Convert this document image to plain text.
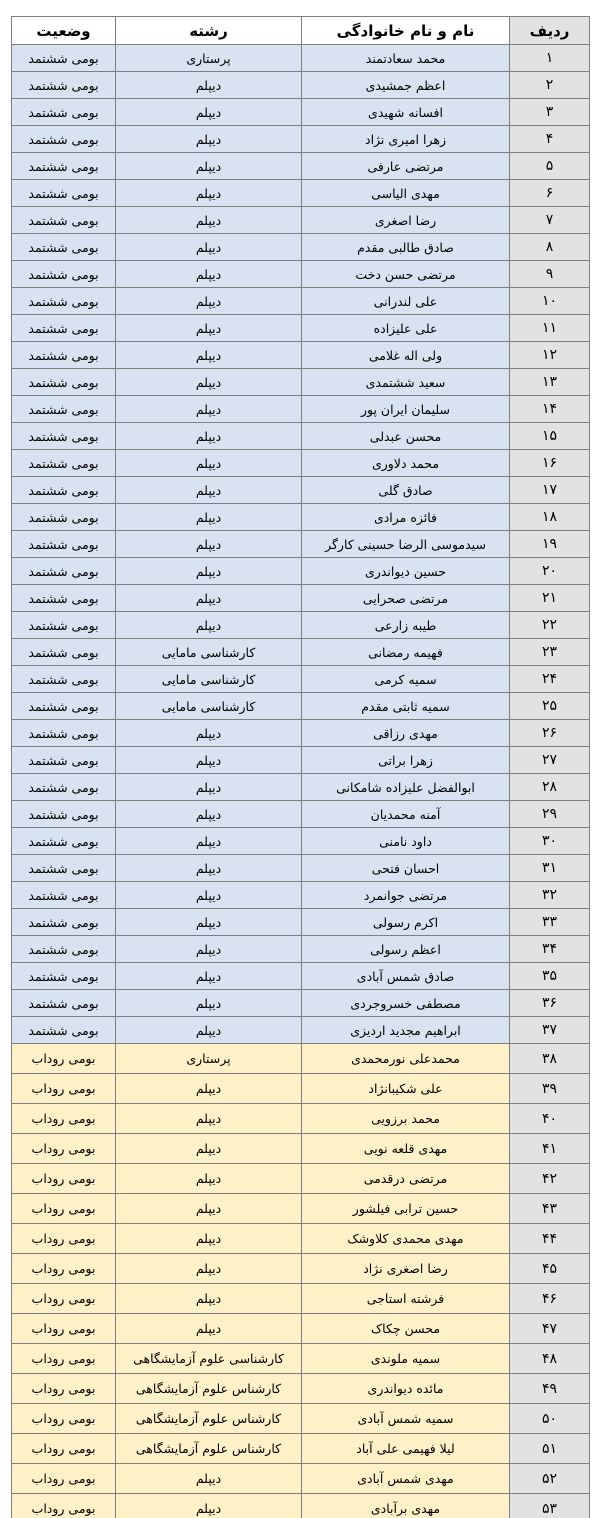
ردیف	نام و نام خانوادگی	رشته	وضعیت
۱	محمد سعادتمند	پرستاری	بومی ششتمد
۲	اعظم جمشیدی	دیپلم	بومی ششتمد
۳	افسانه شهیدی	دیپلم	بومی ششتمد
۴	زهرا امیری نژاد	دیپلم	بومی ششتمد
۵	مرتضی عارفی	دیپلم	بومی ششتمد
۶	مهدی الیاسی	دیپلم	بومی ششتمد
۷	رضا اصغری	دیپلم	بومی ششتمد
۸	صادق طالبی مقدم	دیپلم	بومی ششتمد
۹	مرتضی حسن دخت	دیپلم	بومی ششتمد
۱۰	علی لندرانی	دیپلم	بومی ششتمد
۱۱	علی علیزاده	دیپلم	بومی ششتمد
۱۲	ولی اله غلامی	دیپلم	بومی ششتمد
۱۳	سعید ششتمدی	دیپلم	بومی ششتمد
۱۴	سلیمان ایران پور	دیپلم	بومی ششتمد
۱۵	محسن عبدلی	دیپلم	بومی ششتمد
۱۶	محمد دلاوری	دیپلم	بومی ششتمد
۱۷	صادق گلی	دیپلم	بومی ششتمد
۱۸	فائزه مرادی	دیپلم	بومی ششتمد
۱۹	سیدموسی الرضا حسینی کارگر	دیپلم	بومی ششتمد
۲۰	حسین دیواندری	دیپلم	بومی ششتمد
۲۱	مرتضی صحرایی	دیپلم	بومی ششتمد
۲۲	طیبه زارعی	دیپلم	بومی ششتمد
۲۳	فهیمه رمضانی	کارشناسی مامایی	بومی ششتمد
۲۴	سمیه کرمی	کارشناسی مامایی	بومی ششتمد
۲۵	سمیه ثابتی مقدم	کارشناسی مامایی	بومی ششتمد
۲۶	مهدی رزاقی	دیپلم	بومی ششتمد
۲۷	زهرا براتی	دیپلم	بومی ششتمد
۲۸	ابوالفضل علیزاده شامکانی	دیپلم	بومی ششتمد
۲۹	آمنه محمدیان	دیپلم	بومی ششتمد
۳۰	داود نامنی	دیپلم	بومی ششتمد
۳۱	احسان فتحی	دیپلم	بومی ششتمد
۳۲	مرتضی جوانمرد	دیپلم	بومی ششتمد
۳۳	اکرم رسولی	دیپلم	بومی ششتمد
۳۴	اعظم رسولی	دیپلم	بومی ششتمد
۳۵	صادق شمس آبادی	دیپلم	بومی ششتمد
۳۶	مصطفی خسروجردی	دیپلم	بومی ششتمد
۳۷	ابراهیم مجدید اردیزی	دیپلم	بومی ششتمد
۳۸	محمدعلی نورمحمدی	پرستاری	بومی روداب
۳۹	علی شکیبانژاد	دیپلم	بومی روداب
۴۰	محمد برزویی	دیپلم	بومی روداب
۴۱	مهدی قلعه نویی	دیپلم	بومی روداب
۴۲	مرتضی درقدمی	دیپلم	بومی روداب
۴۳	حسین ترابی فیلشور	دیپلم	بومی روداب
۴۴	مهدی محمدی کلاوشک	دیپلم	بومی روداب
۴۵	رضا اصغری نژاد	دیپلم	بومی روداب
۴۶	فرشته استاجی	دیپلم	بومی روداب
۴۷	محسن چکاک	دیپلم	بومی روداب
۴۸	سمیه ملوندی	کارشناسی علوم آزمایشگاهی	بومی روداب
۴۹	مائده دیواندری	کارشناس علوم آزمایشگاهی	بومی روداب
۵۰	سمیه شمس آبادی	کارشناس علوم آزمایشگاهی	بومی روداب
۵۱	لیلا فهیمی علی آباد	کارشناس علوم آزمایشگاهی	بومی روداب
۵۲	مهدی شمس آبادی	دیپلم	بومی روداب
۵۳	مهدی برآبادی	دیپلم	بومی روداب
